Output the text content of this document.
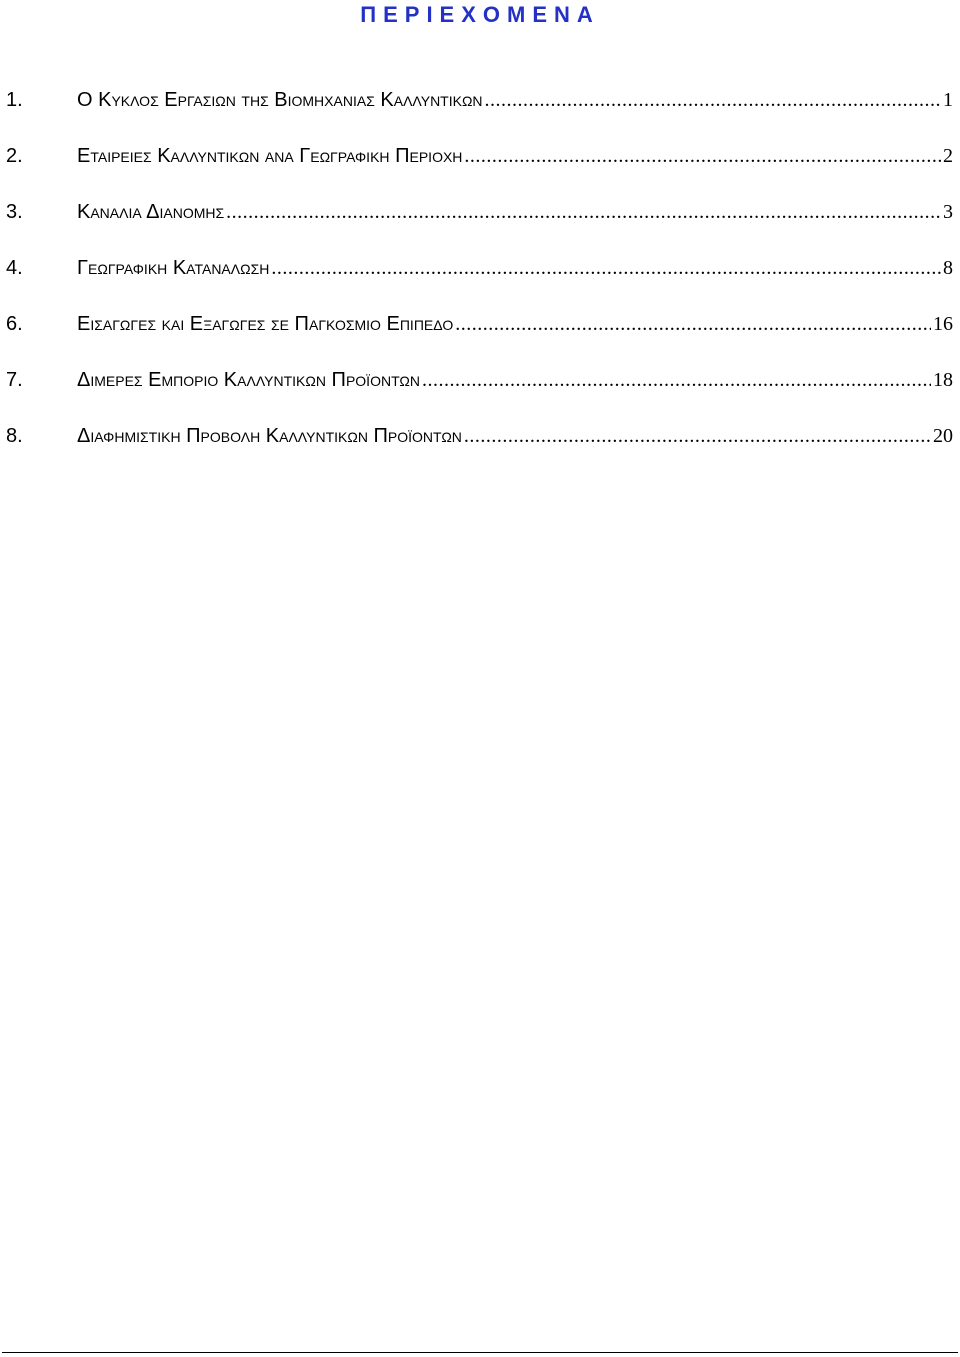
ΠΕΡΙΕΧΟΜΕΝΑ
1.	Ο Κυκλος Εργασιων της Βιομηχανιας Καλλυντικων .....	1
2.	Εταιρειες Καλλυντικων ανα Γεωγραφικη Περιοχη .....	2
3.	Καναλια Διανομης .....	3
4.	Γεωγραφικη Καταναλωση .....	8
6.	Εισαγωγες και Εξαγωγες σε Παγκοσμιο Επιπεδο .....	16
7.	Διμερες Εμποριο Καλλυντικων Προϊοντων .....	18
8.	Διαφημιστικη Προβολη Καλλυντικων Προϊοντων .....	20
